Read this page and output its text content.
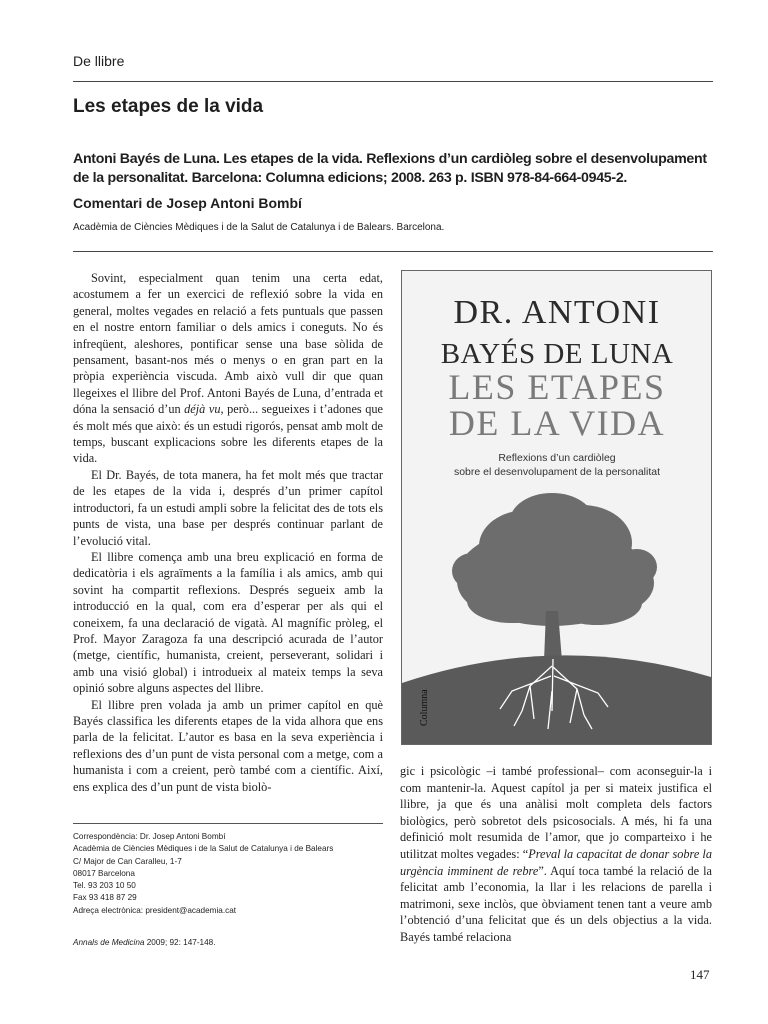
De llibre
Les etapes de la vida
Antoni Bayés de Luna. Les etapes de la vida. Reflexions d’un cardiòleg sobre el desenvolupament de la personalitat. Barcelona: Columna edicions; 2008. 263 p. ISBN 978-84-664-0945-2.
Comentari de Josep Antoni Bombí
Acadèmia de Ciències Mèdiques i de la Salut de Catalunya i de Balears. Barcelona.

Sovint, especialment quan tenim una certa edat, acostumem a fer un exercici de reflexió sobre la vida en general, moltes vegades en relació a fets puntuals que passen en el nostre entorn familiar o dels amics i coneguts. No és infreqüent, aleshores, pontificar sense una base sòlida de pensament, basant-nos més o menys o en gran part en la pròpia experiència viscuda. Amb això vull dir que quan llegeixes el llibre del Prof. Antoni Bayés de Luna, d’entrada et dóna la sensació d’un déjà vu, però... segueixes i t’adones que és molt més que això: és un estudi rigorós, pensat amb molt de temps, buscant explicacions sobre les diferents etapes de la vida.

El Dr. Bayés, de tota manera, ha fet molt més que tractar de les etapes de la vida i, després d’un primer capítol introductori, fa un estudi ampli sobre la felicitat des de tots els punts de vista, una base per després continuar parlant de l’evolució vital.

El llibre comença amb una breu explicació en forma de dedicatòria i els agraïments a la família i als amics, amb qui sovint ha compartit reflexions. Després segueix amb la introducció en la qual, com era d’esperar per als qui el coneixem, fa una declaració de vigatà. Al magnífic pròleg, el Prof. Mayor Zaragoza fa una descripció acurada de l’autor (metge, científic, humanista, creient, perseverant, solidari i amb una visió global) i introdueix al mateix temps la seva opinió sobre alguns aspectes del llibre.

El llibre pren volada ja amb un primer capítol en què Bayés classifica les diferents etapes de la vida alhora que ens parla de la felicitat. L’autor es basa en la seva experiència i reflexions des d’un punt de vista personal com a metge, com a humanista i com a creient, però també com a científic. Així, ens explica des d’un punt de vista biolò-

DR. ANTONI
BAYÉS DE LUNA
LES ETAPES
DE LA VIDA
Reflexions d’un cardiòleg
sobre el desenvolupament de la personalitat
Columna

gic i psicològic –i també professional– com aconseguir-la i com mantenir-la. Aquest capítol ja per si mateix justifica el llibre, ja que és una anàlisi molt completa dels factors biològics, però sobretot dels psicosocials. A més, hi fa una definició molt resumida de l’amor, que jo comparteixo i he utilitzat moltes vegades: “Preval la capacitat de donar sobre la urgència imminent de rebre”. Aquí toca també la relació de la felicitat amb l’economia, la llar i les relacions de parella i matrimoni, sexe inclòs, que òbviament tenen tant a veure amb l’obtenció d’una felicitat que és un dels objectius a la vida. Bayés també relaciona

Correspondència: Dr. Josep Antoni Bombí
Acadèmia de Ciències Mèdiques i de la Salut de Catalunya i de Balears
C/ Major de Can Caralleu, 1-7
08017 Barcelona
Tel. 93 203 10 50
Fax 93 418 87 29
Adreça electrònica: president@academia.cat
Annals de Medicina 2009; 92: 147-148.
147
